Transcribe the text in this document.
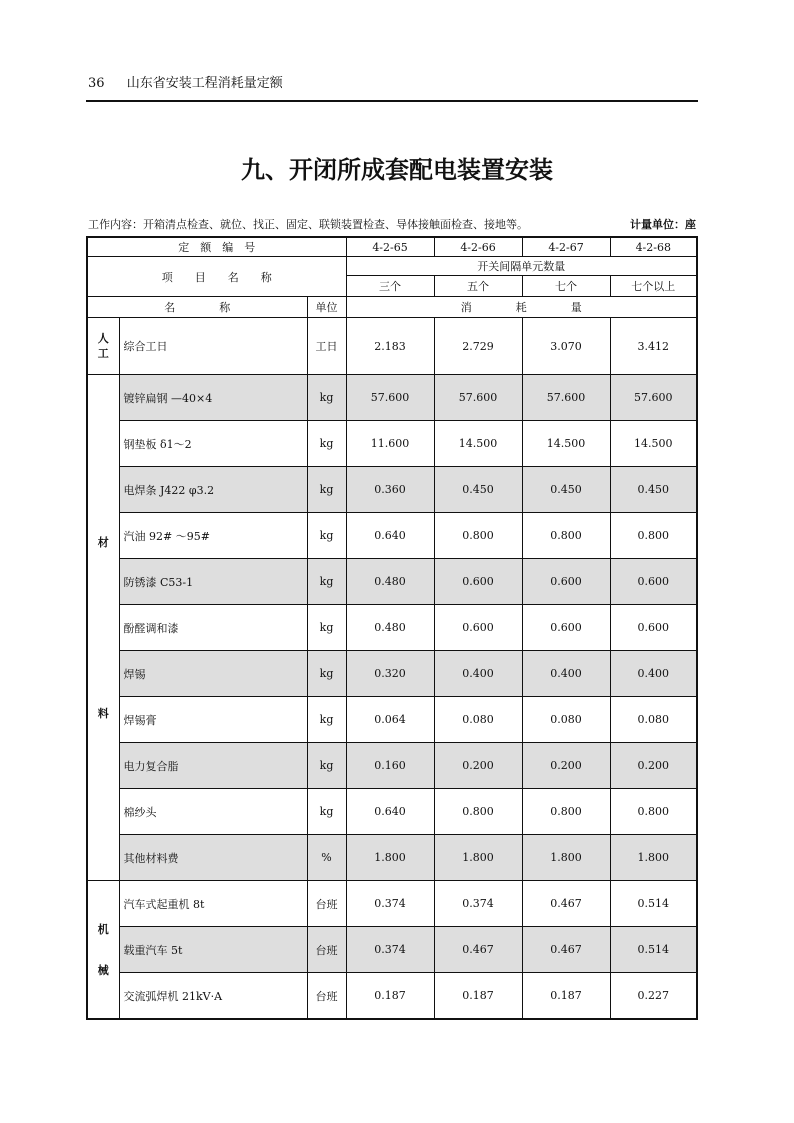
36 山东省安装工程消耗量定额
九、开闭所成套配电装置安装
工作内容：开箱清点检查、就位、找正、固定、联锁装置检查、导体接触面检查、接地等。	计量单位：座
定　额　编　号			4-2-65	4-2-66	4-2-67	4-2-68
项　　目　　名　　称			开关间隔单元数量			
			三个	五个	七个	七个以上
名　　　　称		单位	消　　　　耗　　　　量			

人
工	综合工日	工日	2.183	2.729	3.070	3.412

材
料	镀锌扁钢 —40×4	kg	57.600	57.600	57.600	57.600
	钢垫板 δ1～2	kg	11.600	14.500	14.500	14.500
	电焊条 J422 φ3.2	kg	0.360	0.450	0.450	0.450
	汽油 92# ～95#	kg	0.640	0.800	0.800	0.800
	防锈漆 C53-1	kg	0.480	0.600	0.600	0.600
	酚醛调和漆	kg	0.480	0.600	0.600	0.600
	焊锡	kg	0.320	0.400	0.400	0.400
	焊锡膏	kg	0.064	0.080	0.080	0.080
	电力复合脂	kg	0.160	0.200	0.200	0.200
	棉纱头	kg	0.640	0.800	0.800	0.800
	其他材料费	%	1.800	1.800	1.800	1.800

机
械	汽车式起重机 8t	台班	0.374	0.374	0.467	0.514
	载重汽车 5t	台班	0.374	0.467	0.467	0.514
	交流弧焊机 21kV·A	台班	0.187	0.187	0.187	0.227
